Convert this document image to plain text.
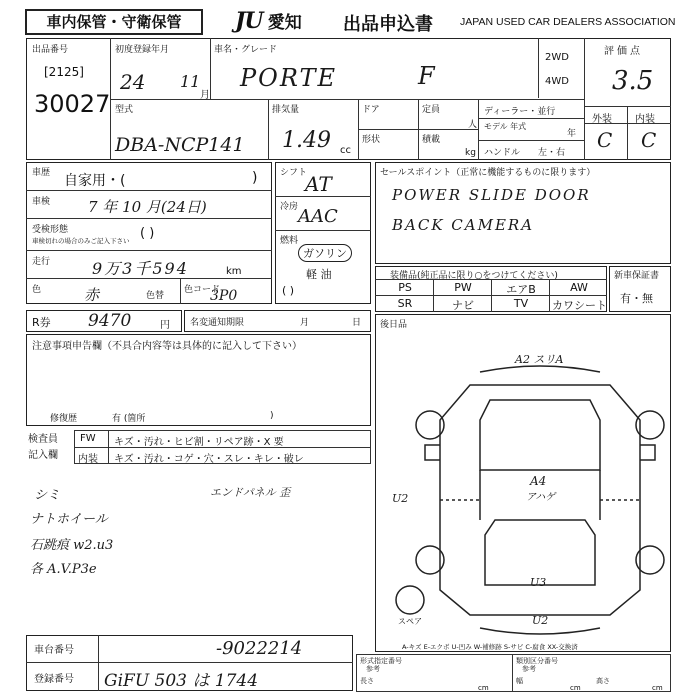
車内保管・守衛保管	JU 愛知 出品申込書	JAPAN USED CAR DEALERS ASSOCIATION
出品番号
[2125]
30027
初度登録年月
24 11
月
車名・グレード
PORTE	F
2WD
4WD
評価点
3.5
外装 内装
C C
型式
DBA-NCP141
排気量
1.49 cc
ドア	定員
人
形状	積載
kg
ディーラー・並行
モデル 年式
年
ハンドル 左・右
車歴 自家用・(	)
車検	7 年 10 月(24日)
受検形態
車検切れの場合のみご記入下さい ( )
走行	9万3千594	km
色	赤	色替
色コード
3P0
シフト
AT
冷房 AAC
燃料
ガソリン
軽 油
( )
セールスポイント（正常に機能するものに限ります）
POWER SLIDE DOOR
BACK CAMERA
装備品(純正品に限り○をつけてください)
PS	PW	エアB	AW
SR	ナビ	TV	カワシート
新車保証書
有・無
R券 9470	円 名変通知期限	月	日
注意事項申告欄（不具合内容等は具体的に記入して下さい）
修復歴	有 (箇所	)
検査員 記入欄
FW キズ・汚れ・ヒビ割・リペア跡・X 要
内装 キズ・汚れ・コゲ・穴・スレ・キレ・破レ
シミ	エンドパネル 歪
ナトホイール
石跳痕 w2.u3
各 A.V.P3e
後日品
A2 スリA
A4
アハゲ
U2
U3
U2
スペア
A-キズ E-エクボ U-凹み W-補修跡 S-サビ C-腐食 XX-交換済
車台番号	-9022214
登録番号 GiFU 503 は 1744
形式指定番号
参考
類別区分番号
参考
長さ
cm
幅
cm
高さ
cm
